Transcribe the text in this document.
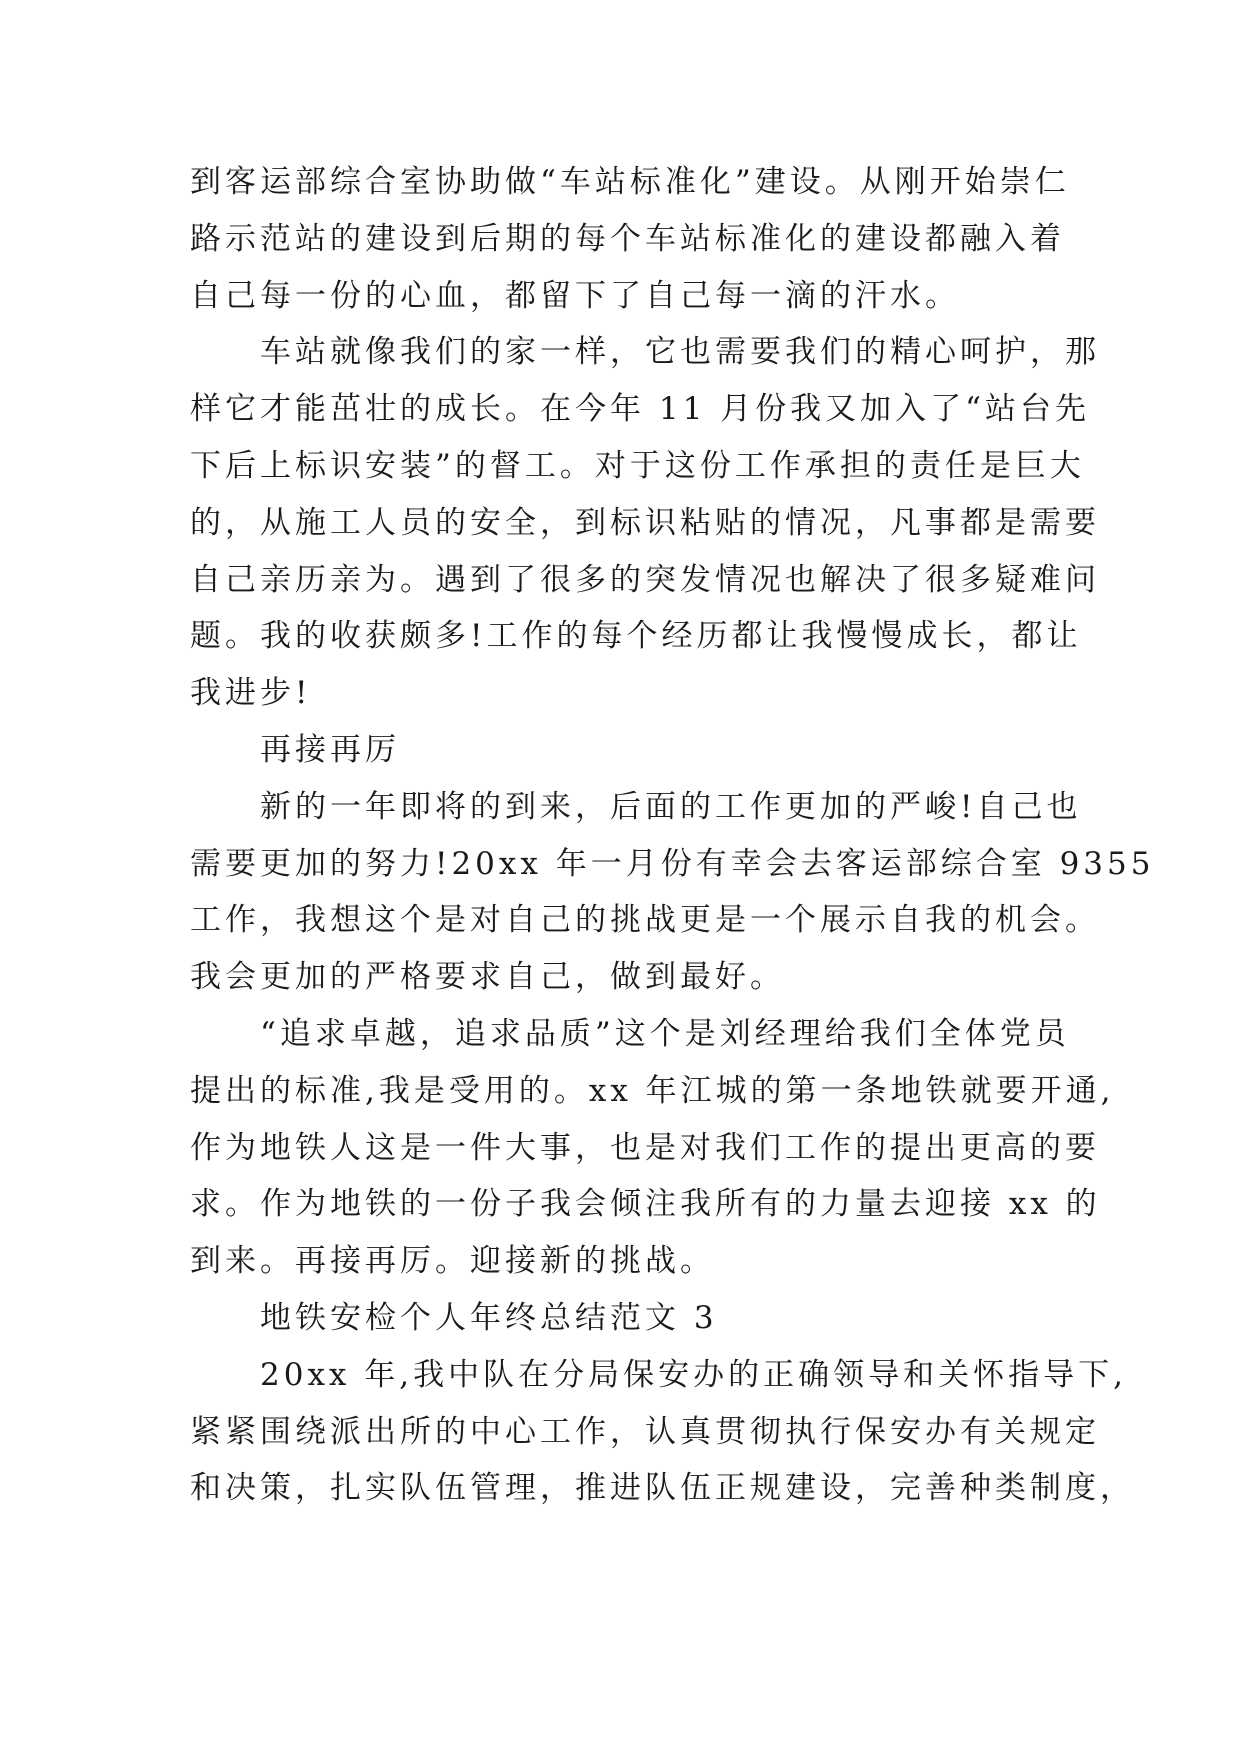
到客运部综合室协助做“车站标准化”建设。从刚开始崇仁
路示范站的建设到后期的每个车站标准化的建设都融入着
自己每一份的心血，都留下了自己每一滴的汗水。
　　车站就像我们的家一样，它也需要我们的精心呵护，那
样它才能茁壮的成长。在今年 11 月份我又加入了“站台先
下后上标识安装”的督工。对于这份工作承担的责任是巨大
的，从施工人员的安全，到标识粘贴的情况，凡事都是需要
自己亲历亲为。遇到了很多的突发情况也解决了很多疑难问
题。我的收获颇多!工作的每个经历都让我慢慢成长，都让
我进步!
　　再接再厉
　　新的一年即将的到来，后面的工作更加的严峻!自己也
需要更加的努力!20xx 年一月份有幸会去客运部综合室 9355
工作，我想这个是对自己的挑战更是一个展示自我的机会。
我会更加的严格要求自己，做到最好。
　　“追求卓越，追求品质”这个是刘经理给我们全体党员
提出的标准,我是受用的。xx 年江城的第一条地铁就要开通,
作为地铁人这是一件大事，也是对我们工作的提出更高的要
求。作为地铁的一份子我会倾注我所有的力量去迎接 xx 的
到来。再接再厉。迎接新的挑战。
　　地铁安检个人年终总结范文 3
　　20xx 年,我中队在分局保安办的正确领导和关怀指导下,
紧紧围绕派出所的中心工作，认真贯彻执行保安办有关规定
和决策，扎实队伍管理，推进队伍正规建设，完善种类制度，
